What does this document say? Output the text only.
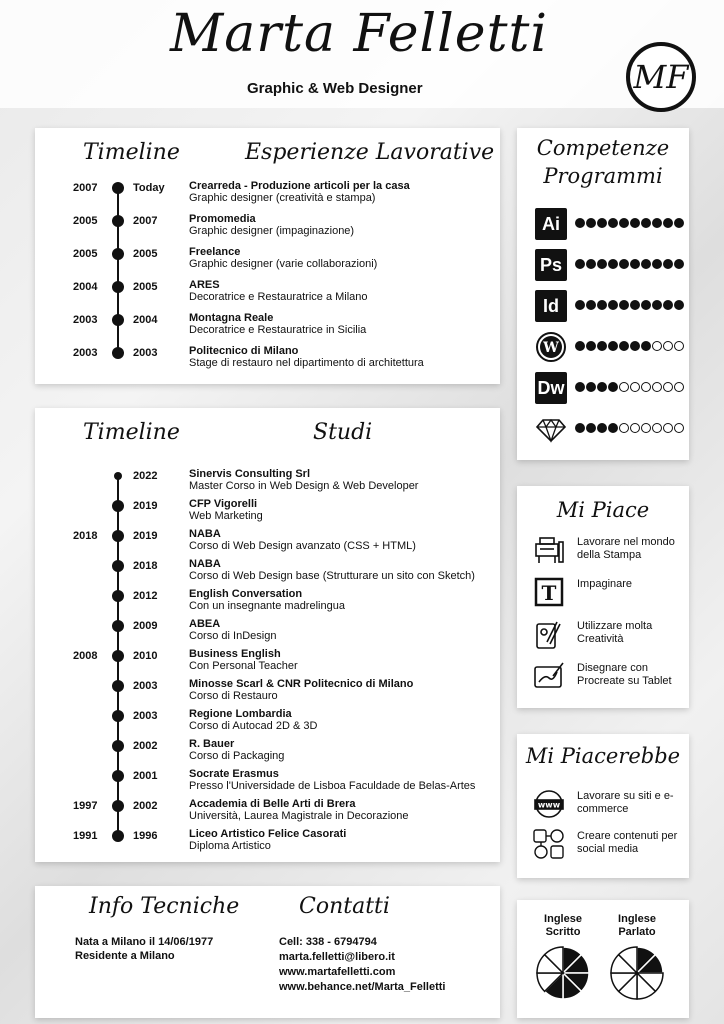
Marta Felletti
Graphic & Web Designer	MF
Timeline	Esperienze Lavorative
2007	Today	Crearreda - Produzione articoli per la casa
Graphic designer (creatività e stampa)
2005	2007	Promomedia
Graphic designer (impaginazione)
2005	2005	Freelance
Graphic designer (varie collaborazioni)
2004	2005	ARES
Decoratrice e Restauratrice a Milano
2003	2004	Montagna Reale
Decoratrice e Restauratrice in Sicilia
2003	2003	Politecnico di Milano
Stage di restauro nel dipartimento di architettura
Timeline	Studi
2022	Sinervis Consulting Srl
Master Corso in Web Design & Web Developer
2019	CFP Vigorelli
Web Marketing
2018	2019	NABA
Corso di Web Design avanzato (CSS + HTML)
2018	NABA
Corso di Web Design base (Strutturare un sito con Sketch)
2012	English Conversation
Con un insegnante madrelingua
2009	ABEA
Corso di InDesign
2008	2010	Business English
Con Personal Teacher
2003	Minosse Scarl & CNR Politecnico di Milano
Corso di Restauro
2003	Regione Lombardia
Corso di Autocad 2D & 3D
2002	R. Bauer
Corso di Packaging
2001	Socrate Erasmus
Presso l'Universidade de Lisboa Faculdade de Belas-Artes
1997	2002	Accademia di Belle Arti di Brera
Università, Laurea Magistrale in Decorazione
1991	1996	Liceo Artistico Felice Casorati
Diploma Artistico
Competenze
Programmi
Ai
Ps
Id
W
Dw
Mi Piace
Lavorare nel mondo della Stampa
T Impaginare
Utilizzare molta Creatività
Disegnare con Procreate su Tablet
Mi Piacerebbe
www
Lavorare su siti e e-commerce
Creare contenuti per social media
Info Tecniche
Nata a Milano il 14/06/1977
Residente a Milano
Contatti
Cell: 338 - 6794794
marta.felletti@libero.it
www.martafelletti.com
www.behance.net/Marta_Felletti
Inglese
Scritto
Inglese
Parlato
